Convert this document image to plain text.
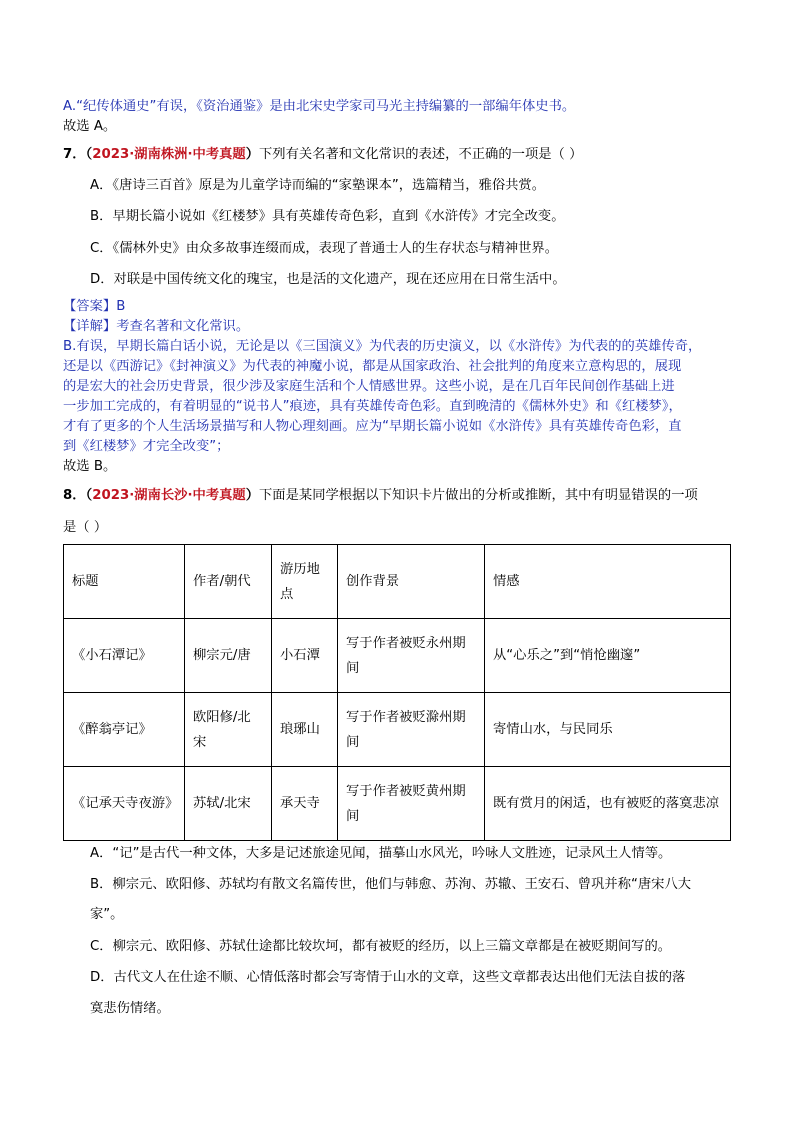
A.“纪传体通史”有误，《资治通鉴》是由北宋史学家司马光主持编纂的一部编年体史书。
故选 A。
7．（2023·湖南株洲·中考真题）下列有关名著和文化常识的表述，不正确的一项是（ ）
A．《唐诗三百首》原是为儿童学诗而编的“家塾课本”，选篇精当，雅俗共赏。
B．早期长篇小说如《红楼梦》具有英雄传奇色彩，直到《水浒传》才完全改变。
C．《儒林外史》由众多故事连缀而成，表现了普通士人的生存状态与精神世界。
D．对联是中国传统文化的瑰宝，也是活的文化遗产，现在还应用在日常生活中。
【答案】B
【详解】考查名著和文化常识。
B.有误，早期长篇白话小说，无论是以《三国演义》为代表的历史演义，以《水浒传》为代表的的英雄传奇，
还是以《西游记》《封神演义》为代表的神魔小说，都是从国家政治、社会批判的角度来立意构思的，展现
的是宏大的社会历史背景，很少涉及家庭生活和个人情感世界。这些小说，是在几百年民间创作基础上进
一步加工完成的，有着明显的“说书人”痕迹，具有英雄传奇色彩。直到晚清的《儒林外史》和《红楼梦》，
才有了更多的个人生活场景描写和人物心理刻画。应为“早期长篇小说如《水浒传》具有英雄传奇色彩，直
到《红楼梦》才完全改变”；
故选 B。
8．（2023·湖南长沙·中考真题）下面是某同学根据以下知识卡片做出的分析或推断，其中有明显错误的一项
是（ ）
标题	作者/朝代	游历地点	创作背景	情感
《小石潭记》	柳宗元/唐	小石潭	写于作者被贬永州期间	从“心乐之”到“悄怆幽邃”
《醉翁亭记》	欧阳修/北宋	琅琊山	写于作者被贬滁州期间	寄情山水，与民同乐
《记承天寺夜游》	苏轼/北宋	承天寺	写于作者被贬黄州期间	既有赏月的闲适，也有被贬的落寞悲凉
A．“记”是古代一种文体，大多是记述旅途见闻，描摹山水风光，吟咏人文胜迹，记录风土人情等。
B．柳宗元、欧阳修、苏轼均有散文名篇传世，他们与韩愈、苏洵、苏辙、王安石、曾巩并称“唐宋八大
家”。
C．柳宗元、欧阳修、苏轼仕途都比较坎坷，都有被贬的经历，以上三篇文章都是在被贬期间写的。
D．古代文人在仕途不顺、心情低落时都会写寄情于山水的文章，这些文章都表达出他们无法自拔的落
寞悲伤情绪。
